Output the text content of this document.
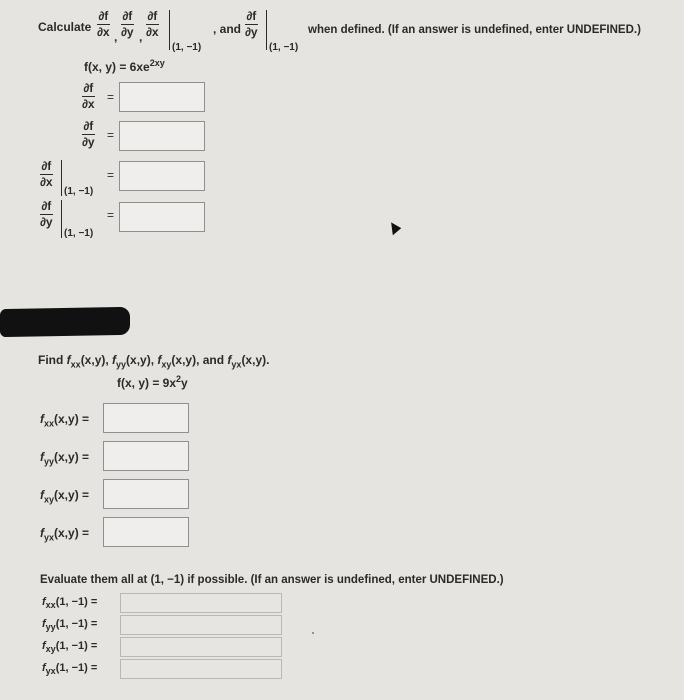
Calculate
∂f
∂x ,
∂f
∂y ,
∂f
∂x
(1, −1)
, and
∂f
∂y
(1, −1)
when defined. (If an answer is undefined, enter UNDEFINED.)
f(x, $y) = 6xe^{2xy}$
∂f
∂x =
∂f
∂y =
∂f
∂x
(1, −1)
=
∂f
∂y
(1, −1)
=
Find $f_{xx}(x,y)$, $f_{yy}(x,y)$, $f_{xy}(x,y)$, and $f_{yx}(x,y)$.
f(x, $y) = 9x^2y$
$f_{xx}(x,y)$ =
$f_{yy}(x,y)$ =
$f_{xy}(x,y)$ =
$f_{yx}(x,y)$ =
Evaluate them all at (1, −1) if possible. (If an answer is undefined, enter UNDEFINED.)
$f_{xx}(1$, −1) =
$f_{yy}(1$, −1) =
$f_{xy}(1$, −1) =
$f_{yx}(1$, −1) =
